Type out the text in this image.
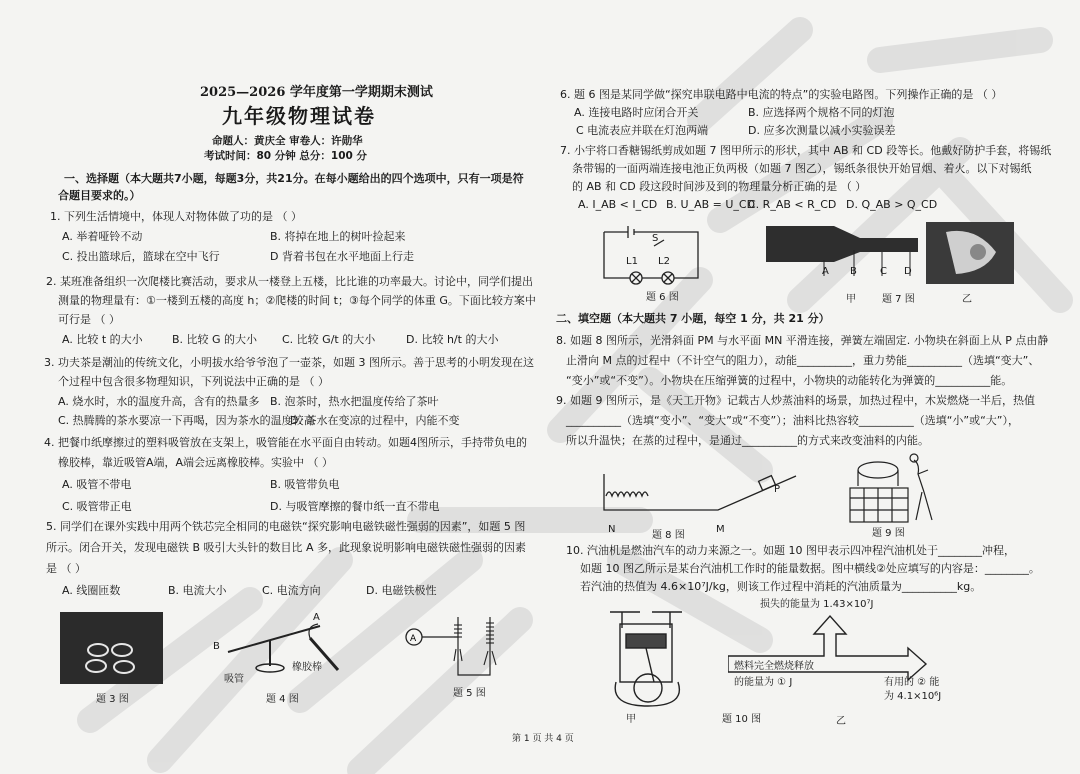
2025—2026 学年度第一学期期末测试
九年级物理试卷
命题人：黄庆全 审卷人：许勋华
考试时间：80 分钟 总分：100 分
一、选择题（本大题共7小题，每题3分，共21分。在每小题给出的四个选项中，只有一项是符
合题目要求的。）
1. 下列生活情境中，体现人对物体做了功的是 （ ）
A. 举着哑铃不动	B. 将掉在地上的树叶捡起来
C. 投出篮球后，篮球在空中飞行	D 背着书包在水平地面上行走
2. 某班准备组织一次爬楼比赛活动，要求从一楼登上五楼，比比谁的功率最大。讨论中，同学们提出
测量的物理量有：①一楼到五楼的高度 h；②爬楼的时间 t；③每个同学的体重 G。下面比较方案中
可行是 （ ）
A. 比较 t 的大小	B. 比较 G 的大小 C. 比较 G/t 的大小	D. 比较 h/t 的大小
3. 功夫茶是潮汕的传统文化，小明拔水给爷爷泡了一壶茶，如题 3 图所示。善于思考的小明发现在这
个过程中包含很多物理知识，下列说法中正确的是 （ ）
A. 烧水时，水的温度升高，含有的热量多 B. 泡茶时，热水把温度传给了茶叶
C. 热腾腾的茶水要凉一下再喝，因为茶水的温度较高
D. 茶水在变凉的过程中，内能不变
4. 把餐巾纸摩擦过的塑料吸管放在支架上，吸管能在水平面自由转动。如题4图所示，手持带负电的
橡胶棒，靠近吸管A端，A端会远离橡胶棒。实验中 （ ）
A. 吸管不带电	B. 吸管带负电
C. 吸管带正电	D. 与吸管摩擦的餐巾纸一直不带电
5. 同学们在课外实践中用两个铁芯完全相同的电磁铁“探究影响电磁铁磁性强弱的因素”，如题 5 图
所示。闭合开关，发现电磁铁 B 吸引大头针的数目比 A 多，此现象说明影响电磁铁磁性强弱的因素
是 （ ）
A. 线圈匝数	B. 电流大小	C. 电流方向	D. 电磁铁极性
题 3 图
B
A
吸管
橡胶棒
题 4 图
A
题 5 图
6. 题 6 图是某同学做“探究串联电路中电流的特点”的实验电路图。下列操作正确的是 （ ）
A. 连接电路时应闭合开关	B. 应选择两个规格不同的灯泡
C 电流表应并联在灯泡两端	D. 应多次测量以减小实验误差
7. 小宇将口香糖锡纸剪成如题 7 图甲所示的形状，其中 AB 和 CD 段等长。他戴好防护手套，将锡纸
条带锡的一面两端连接电池正负两极（如题 7 图乙），锡纸条很快开始冒烟、着火。以下对锡纸
的 AB 和 CD 段这段时间涉及到的物理量分析正确的是 （ ）
A. I_AB < I_CD B. U_AB = U_CD
C. R_AB < R_CD D. Q_AB > Q_CD
S
L1 L2
题 6 图
A B C D
甲	题 7 图	乙
二、填空题（本大题共 7 小题，每空 1 分，共 21 分）
8. 如题 8 图所示，光滑斜面 PM 与水平面 MN 平滑连接，弹簧左端固定. 小物块在斜面上从 P 点由静
止滑向 M 点的过程中（不计空气的阻力），动能__________，重力势能__________（选填“变大”、
“变小”或“不变”）。小物块在压缩弹簧的过程中，小物块的动能转化为弹簧的__________能。
9. 如题 9 图所示，是《天工开物》记载古人炒蒸油料的场景，加热过程中，木炭燃烧一半后，热值
__________（选填“变小”、“变大”或“不变”）；油料比热容较__________（选填“小”或“大”），
所以升温快；在蒸的过程中，是通过__________的方式来改变油料的内能。
N	M
P
题 8 图	题 9 图
10. 汽油机是燃油汽车的动力来源之一。如题 10 图甲表示四冲程汽油机处于________冲程，
如题 10 图乙所示是某台汽油机工作时的能量数据。图中横线②处应填写的内容是：________。
若汽油的热值为 4.6×10⁷J/kg，则该工作过程中消耗的汽油质量为__________kg。
甲	题 10 图
损失的能量为 1.43×10⁷J
燃料完全燃烧释放
的能量为 ① J	有用的 ② 能
为 4.1×10⁶J
乙
第 1 页 共 4 页
